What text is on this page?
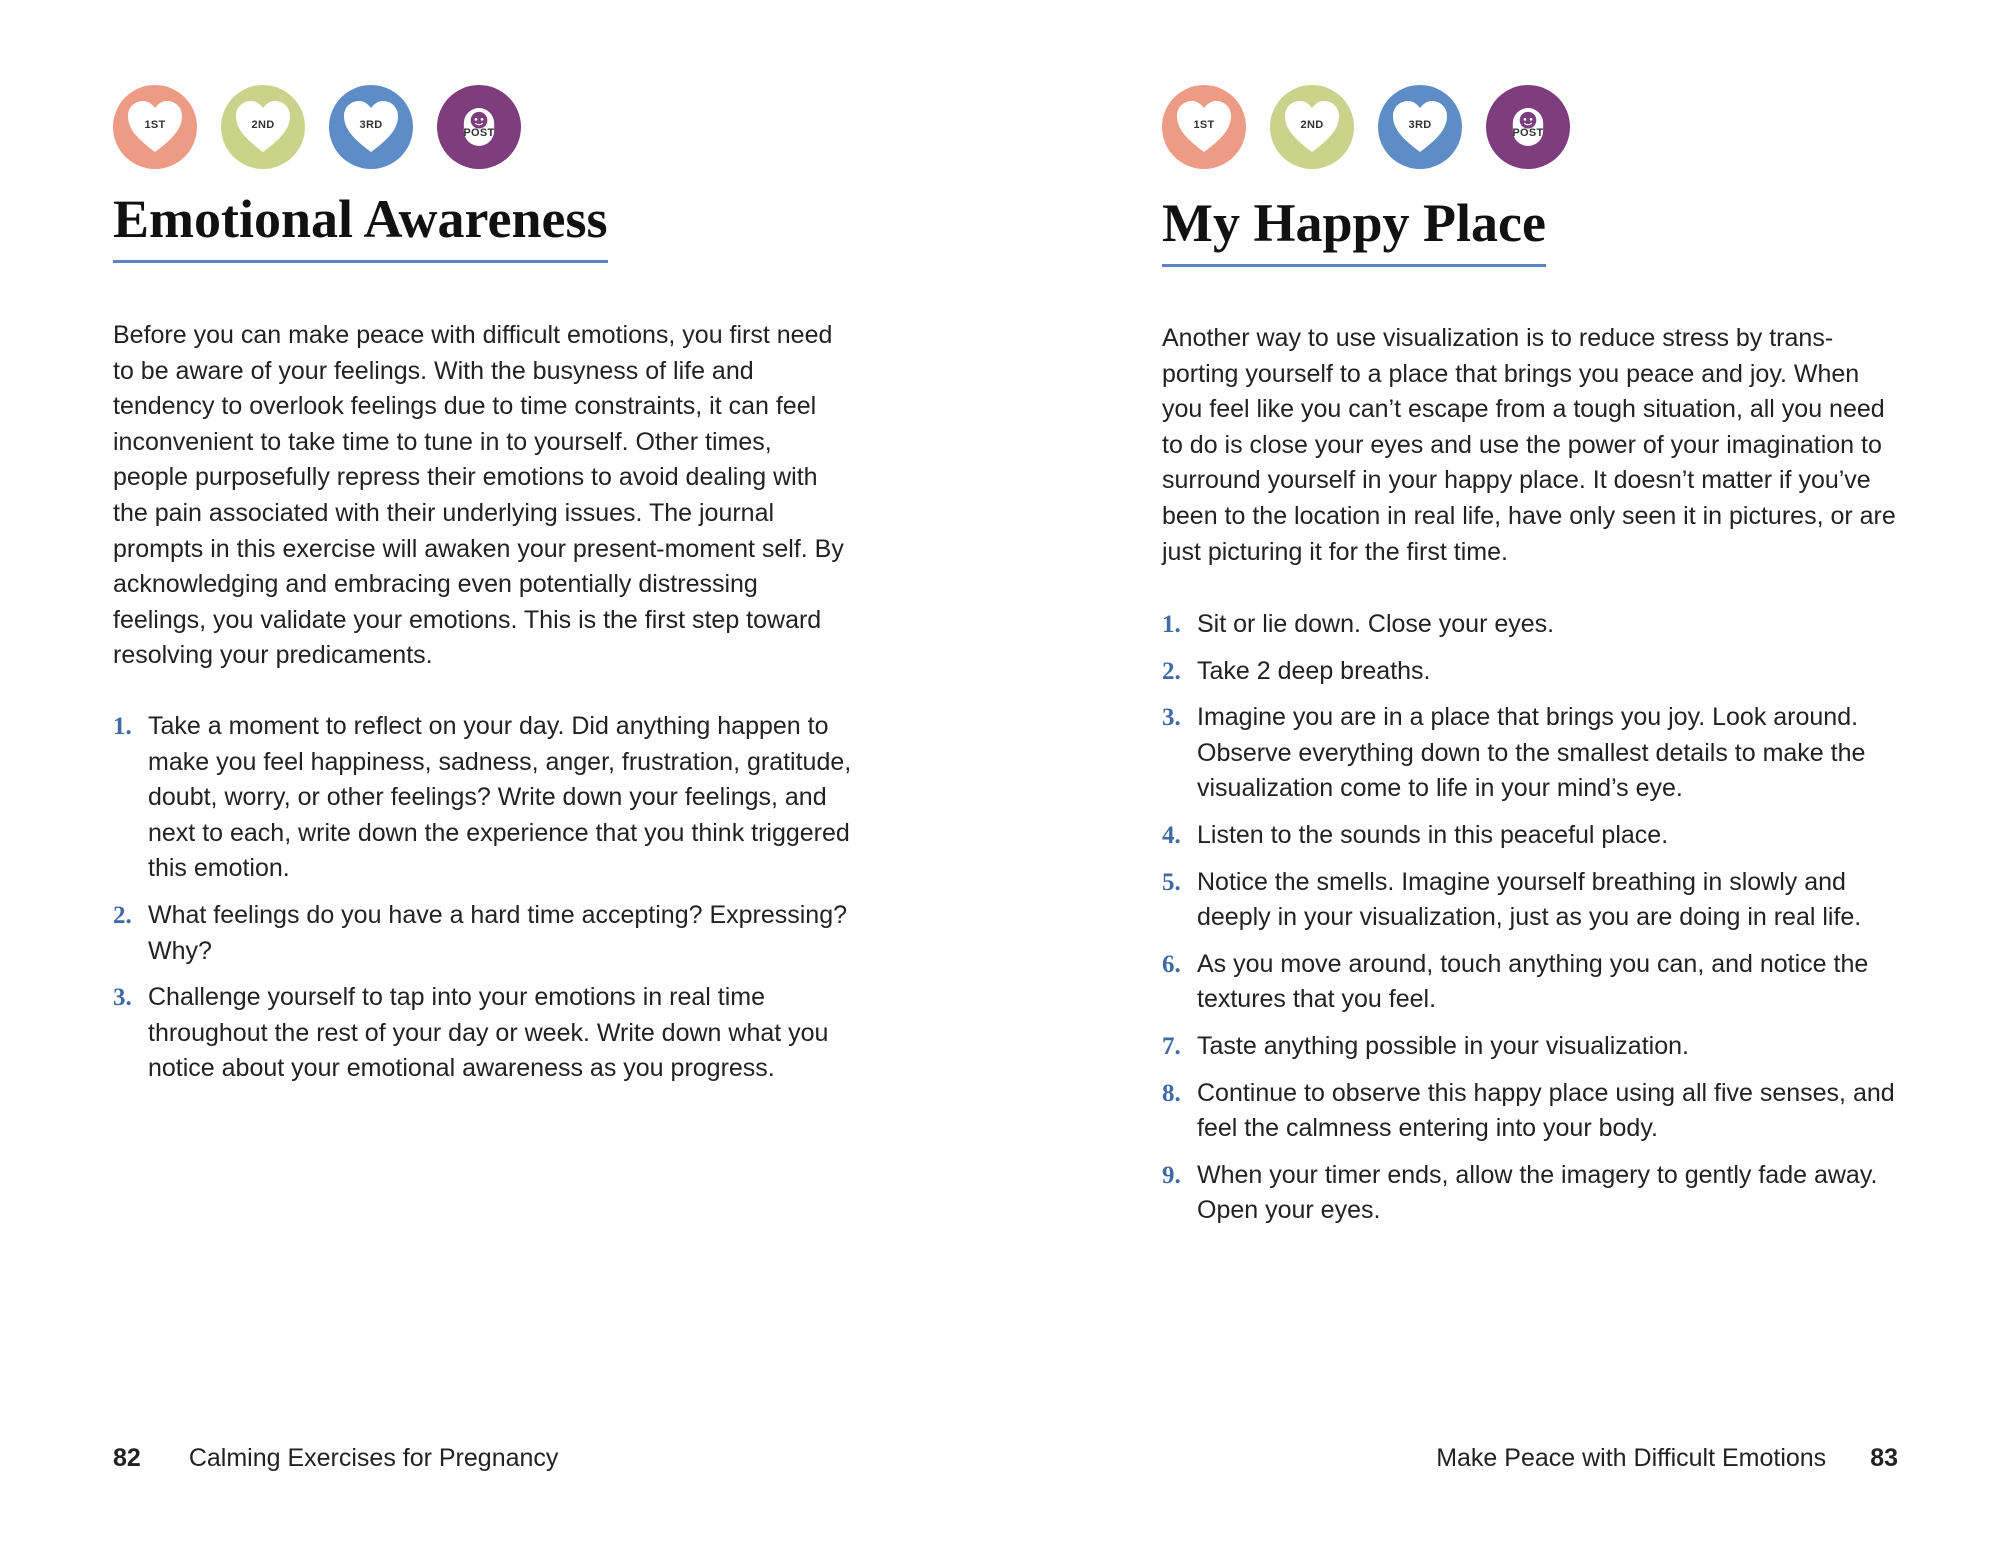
1ST	2ND	3RD
POST
Emotional Awareness

Before you can make peace with difficult emotions, you first need to be aware of your feelings. With the busyness of life and tendency to overlook feelings due to time constraints, it can feel inconvenient to take time to tune in to yourself. Other times, people purposefully repress their emotions to avoid dealing with the pain associated with their underlying issues. The journal prompts in this exercise will awaken your present-moment self. By acknowledging and embracing even potentially distressing feelings, you validate your emotions. This is the first step toward resolving your predicaments.

1. Take a moment to reflect on your day. Did anything happen to make you feel happiness, sadness, anger, frustration, gratitude, doubt, worry, or other feelings? Write down your feelings, and next to each, write down the experience that you think triggered this emotion.
2. What feelings do you have a hard time accepting? Expressing? Why?
3. Challenge yourself to tap into your emotions in real time throughout the rest of your day or week. Write down what you notice about your emotional awareness as you progress.
82 Calming Exercises for Pregnancy
1ST	2ND	3RD
POST
My Happy Place

Another way to use visualization is to reduce stress by trans-porting yourself to a place that brings you peace and joy. When you feel like you can’t escape from a tough situation, all you need to do is close your eyes and use the power of your imagination to surround yourself in your happy place. It doesn’t matter if you’ve been to the location in real life, have only seen it in pictures, or are just picturing it for the first time.

1. Sit or lie down. Close your eyes.
2. Take 2 deep breaths.
3. Imagine you are in a place that brings you joy. Look around. Observe everything down to the smallest details to make the visualization come to life in your mind’s eye.
4. Listen to the sounds in this peaceful place.
5. Notice the smells. Imagine yourself breathing in slowly and deeply in your visualization, just as you are doing in real life.
6. As you move around, touch anything you can, and notice the textures that you feel.
7. Taste anything possible in your visualization.
8. Continue to observe this happy place using all five senses, and feel the calmness entering into your body.
9. When your timer ends, allow the imagery to gently fade away. Open your eyes.
Make Peace with Difficult Emotions 83
